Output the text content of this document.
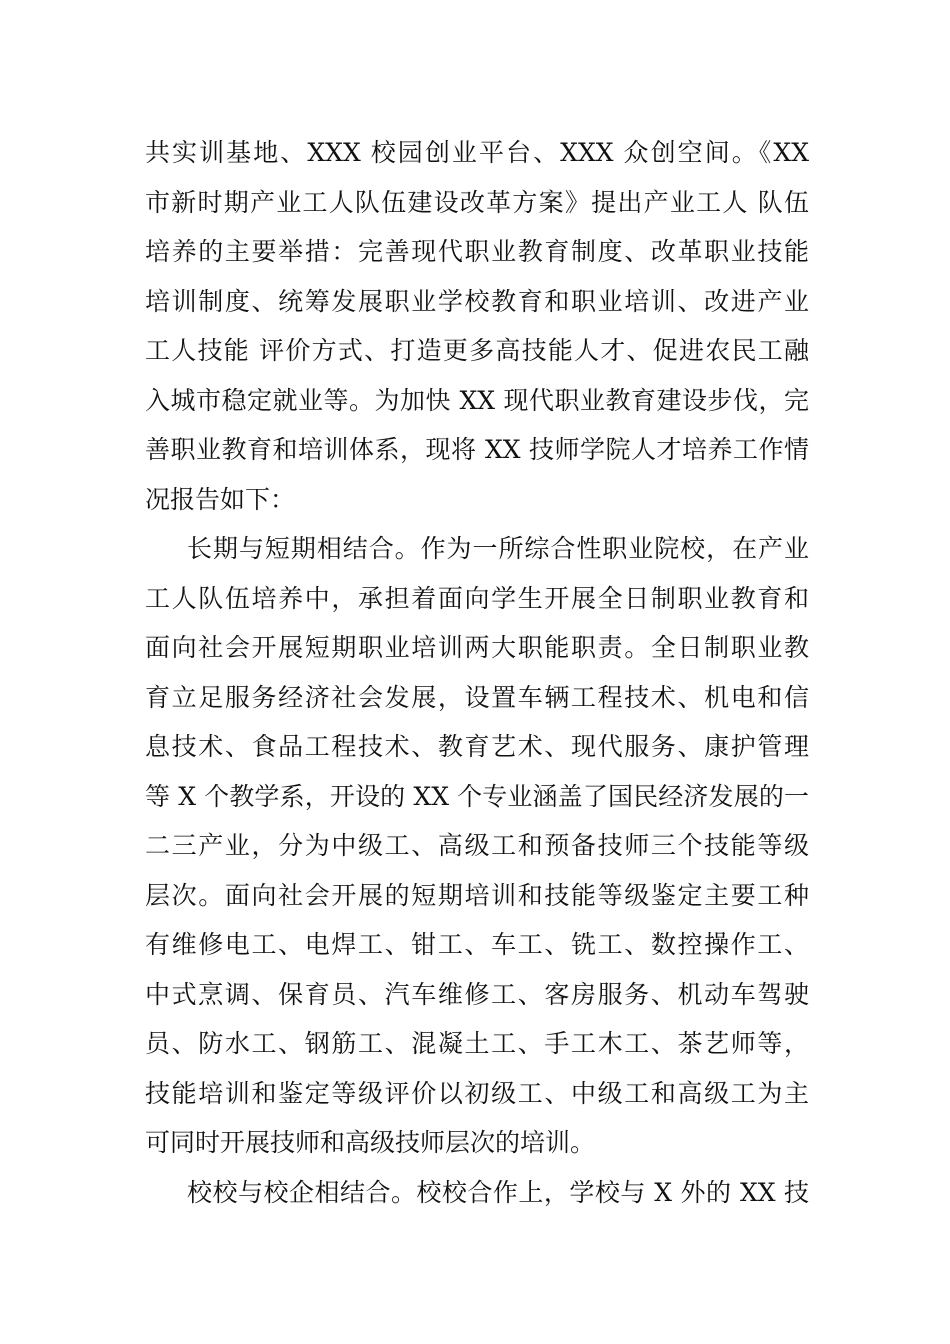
共实训基地、XXX 校园创业平台、XXX 众创空间。《XX
市新时期产业工人队伍建设改革方案》提出产业工人 队伍
培养的主要举措：完善现代职业教育制度、改革职业技能
培训制度、统筹发展职业学校教育和职业培训、改进产业
工人技能 评价方式、打造更多高技能人才、促进农民工融
入城市稳定就业等。为加快 XX 现代职业教育建设步伐，完
善职业教育和培训体系，现将 XX 技师学院人才培养工作情
况报告如下：
长期与短期相结合。作为一所综合性职业院校，在产业
工人队伍培养中，承担着面向学生开展全日制职业教育和
面向社会开展短期职业培训两大职能职责。全日制职业教
育立足服务经济社会发展，设置车辆工程技术、机电和信
息技术、食品工程技术、教育艺术、现代服务、康护管理
等 X 个教学系，开设的 XX 个专业涵盖了国民经济发展的一
二三产业，分为中级工、高级工和预备技师三个技能等级
层次。面向社会开展的短期培训和技能等级鉴定主要工种
有维修电工、电焊工、钳工、车工、铣工、数控操作工、
中式烹调、保育员、汽车维修工、客房服务、机动车驾驶
员、防水工、钢筋工、混凝土工、手工木工、茶艺师等，
技能培训和鉴定等级评价以初级工、中级工和高级工为主
可同时开展技师和高级技师层次的培训。
校校与校企相结合。校校合作上，学校与 X 外的 XX 技
